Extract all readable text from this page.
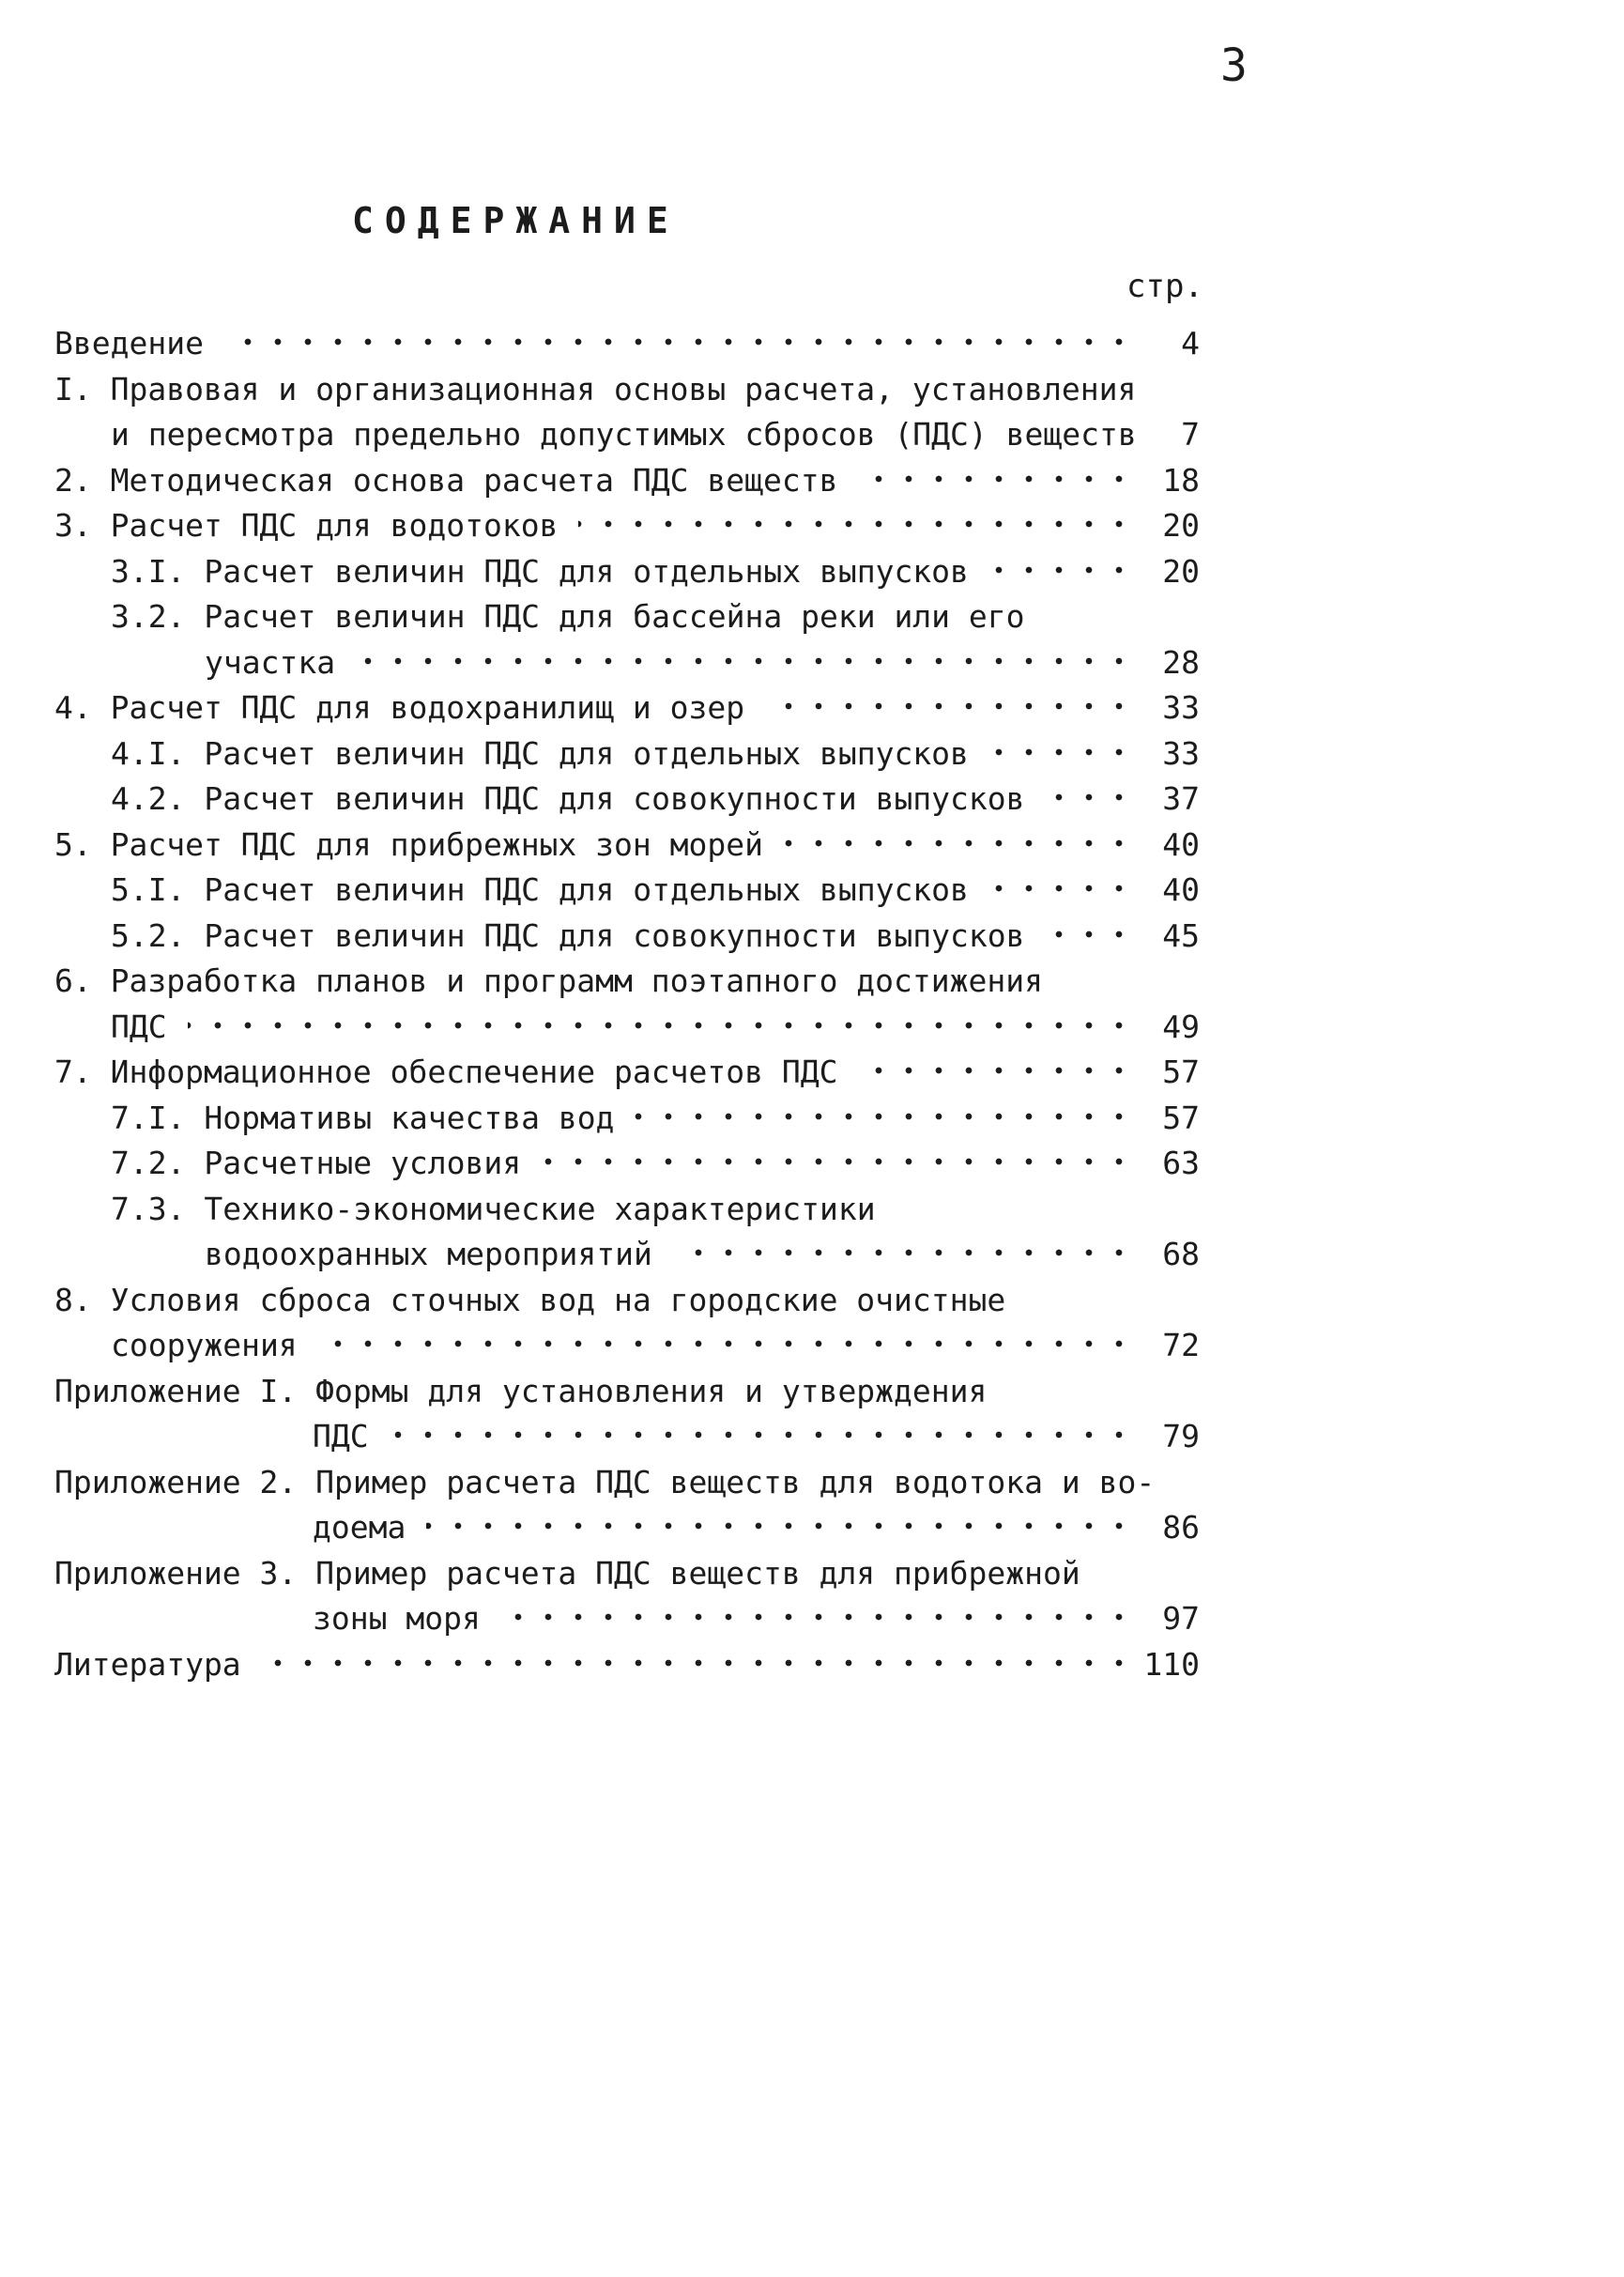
3
СОДЕРЖАНИЕ
стр.
Введение	4
I. Правовая и организационная основы расчета, установления
и пересмотра предельно допустимых сбросов (ПДС) веществ	7
2. Методическая основа расчета ПДС веществ	18
3. Расчет ПДС для водотоков	20
3.I. Расчет величин ПДС для отдельных выпусков	20
3.2. Расчет величин ПДС для бассейна реки или его
участка	28
4. Расчет ПДС для водохранилищ и озер	33
4.I. Расчет величин ПДС для отдельных выпусков	33
4.2. Расчет величин ПДС для совокупности выпусков	37
5. Расчет ПДС для прибрежных зон морей	40
5.I. Расчет величин ПДС для отдельных выпусков	40
5.2. Расчет величин ПДС для совокупности выпусков	45
6. Разработка планов и программ поэтапного достижения
ПДС	49
7. Информационное обеспечение расчетов ПДС	57
7.I. Нормативы качества вод	57
7.2. Расчетные условия	63
7.3. Технико-экономические характеристики
водоохранных мероприятий	68
8. Условия сброса сточных вод на городские очистные
сооружения	72
Приложение I. Формы для установления и утверждения
ПДС	79
Приложение 2. Пример расчета ПДС веществ для водотока и во-
доема	86
Приложение 3. Пример расчета ПДС веществ для прибрежной
зоны моря	97
Литература	110
